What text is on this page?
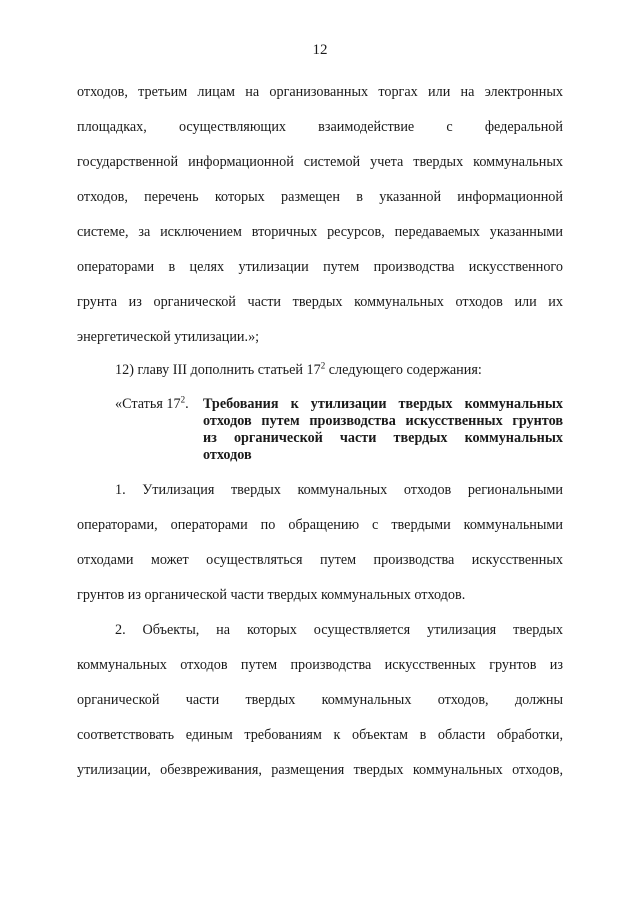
12
отходов, третьим лицам на организованных торгах или на электронных
площадках, осуществляющих взаимодействие с федеральной
государственной информационной системой учета твердых коммунальных
отходов, перечень которых размещен в указанной информационной
системе, за исключением вторичных ресурсов, передаваемых указанными
операторами в целях утилизации путем производства искусственного
грунта из органической части твердых коммунальных отходов или их
энергетической утилизации.»;
12) главу III дополнить статьей $17^2$ следующего содержания:
«Статья $17^2$. Требования к утилизации твердых коммунальных
отходов путем производства искусственных грунтов
из органической части твердых коммунальных
отходов
1. Утилизация твердых коммунальных отходов региональными
операторами, операторами по обращению с твердыми коммунальными
отходами может осуществляться путем производства искусственных
грунтов из органической части твердых коммунальных отходов.
2. Объекты, на которых осуществляется утилизация твердых
коммунальных отходов путем производства искусственных грунтов из
органической части твердых коммунальных отходов, должны
соответствовать единым требованиям к объектам в области обработки,
утилизации, обезвреживания, размещения твердых коммунальных отходов,
